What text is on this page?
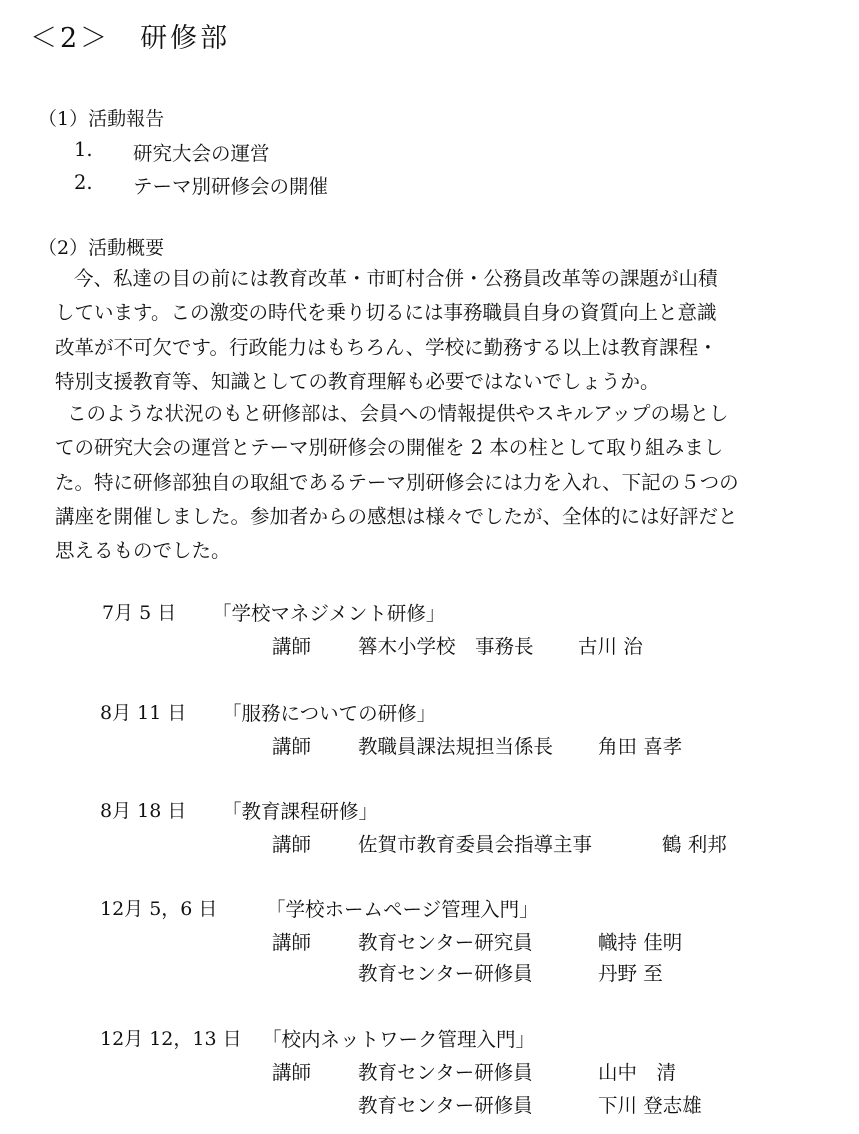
＜2＞　研修部
（1）活動報告
1. 研究大会の運営
2. テーマ別研修会の開催
（2）活動概要
今、私達の目の前には教育改革・市町村合併・公務員改革等の課題が山積
しています。この激変の時代を乗り切るには事務職員自身の資質向上と意識
改革が不可欠です。行政能力はもちろん、学校に勤務する以上は教育課程・
特別支援教育等、知識としての教育理解も必要ではないでしょうか。
このような状況のもと研修部は、会員への情報提供やスキルアップの場とし
ての研究大会の運営とテーマ別研修会の開催を 2 本の柱として取り組みまし
た。特に研修部独自の取組であるテーマ別研修会には力を入れ、下記の５つの
講座を開催しました。参加者からの感想は様々でしたが、全体的には好評だと
思えるものでした。
7月 5 日 「学校マネジメント研修」
講師 簭木小学校　事務長 古川 治
8月 11 日 「服務についての研修」
講師 教職員課法規担当係長 角田 喜孝
8月 18 日 「教育課程研修」
講師 佐賀市教育委員会指導主事	鶴 利邦
12月 5，6 日 「学校ホームページ管理入門」
講師 教育センター研究員	幟持 佳明
教育センター研修員	丹野 至
12月 12，13 日 「校内ネットワーク管理入門」
講師 教育センター研修員	山中　清
教育センター研修員	下川 登志雄
